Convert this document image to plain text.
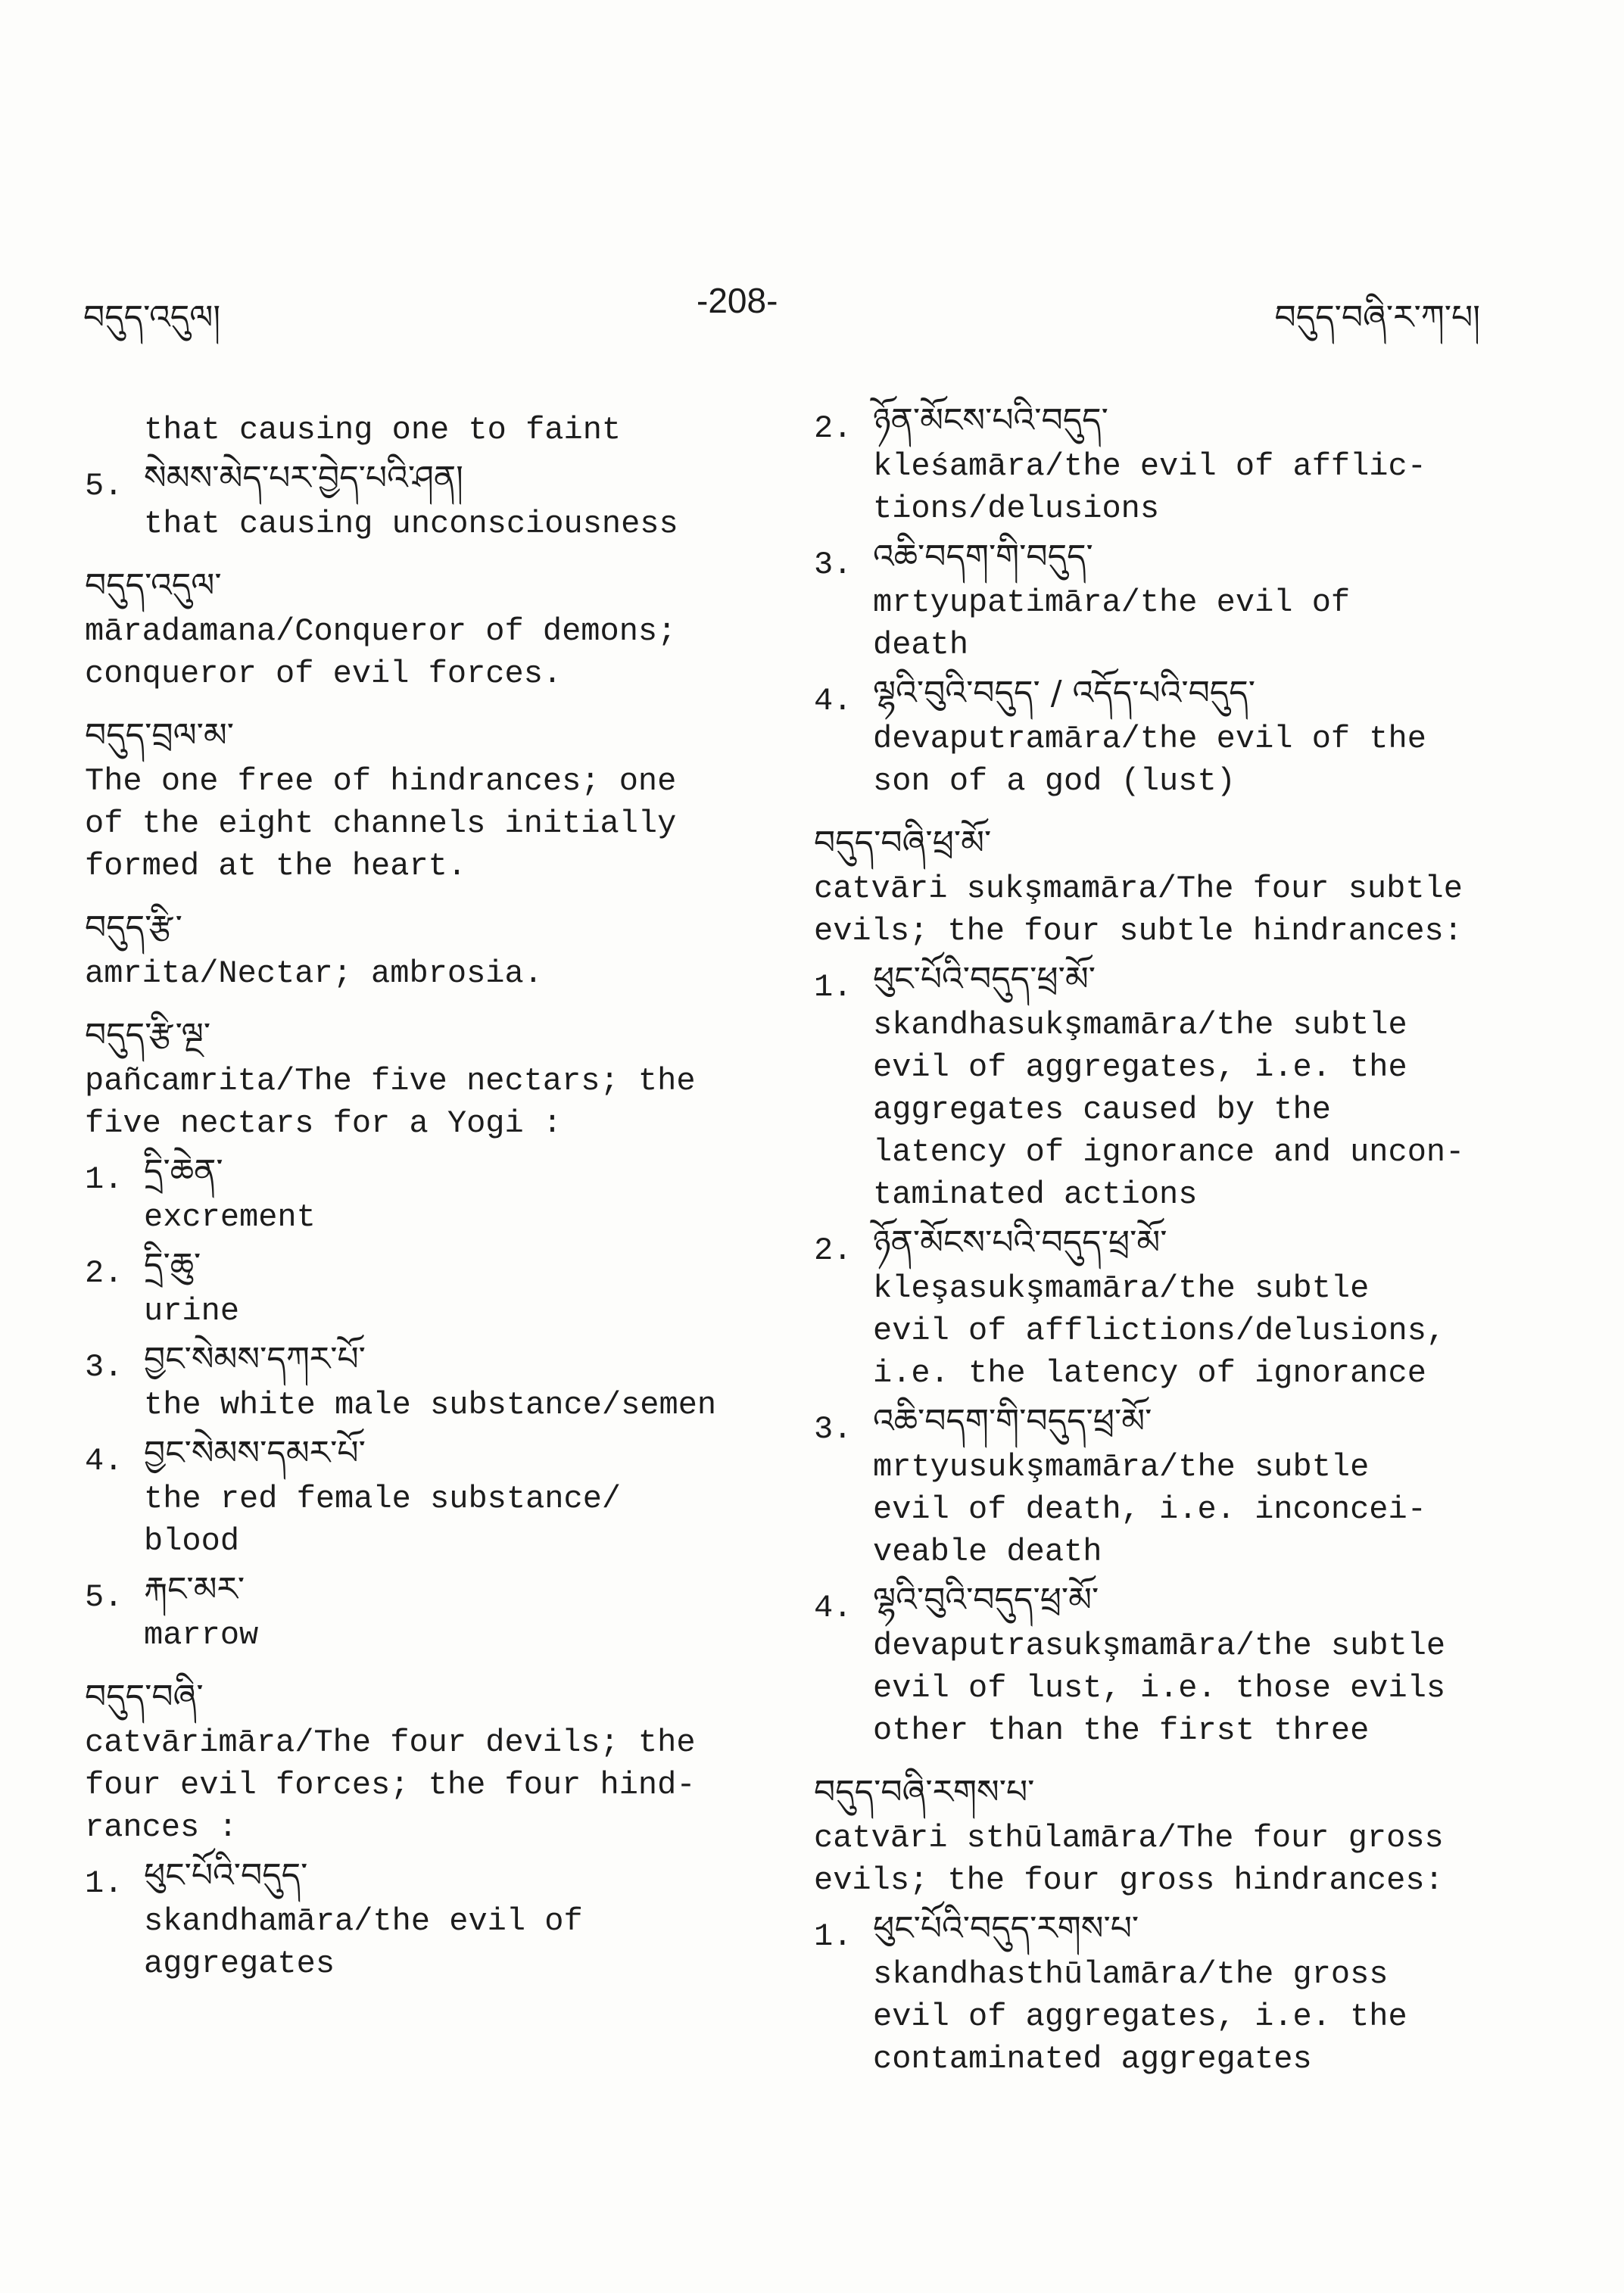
བདུད་འདུལ།	-208-	བདུད་བཞི་ར་ཀ་པ།
that causing one to faint
5. སེམས་མེད་པར་བྱེད་པའི་ཤན།
that causing unconsciousness
བདུད་འདུལ་
māradamana/Conqueror of demons;
conqueror of evil forces.
བདུད་བྲལ་མ་
The one free of hindrances; one
of the eight channels initially
formed at the heart.
བདུད་རྩི་
amrita/Nectar; ambrosia.
བདུད་རྩི་ལྔ་
pañcamrita/The five nectars; the
five nectars for a Yogi :
1. དྲི་ཆེན་
excrement
2. དྲི་ཆུ་
urine
3. བྱང་སེམས་དཀར་པོ་
the white male substance/semen
4. བྱང་སེམས་དམར་པོ་
the red female substance/
blood
5. རྐང་མར་
marrow
བདུད་བཞི་
catvārimāra/The four devils; the
four evil forces; the four hind-
rances :
1. ཕུང་པོའི་བདུད་
skandhamāra/the evil of
aggregates
2. ཉོན་མོངས་པའི་བདུད་
kleśamāra/the evil of afflic-
tions/delusions
3. འཆི་བདག་གི་བདུད་
mrtyupatimāra/the evil of
death
4. ལྷའི་བུའི་བདུད་ / འདོད་པའི་བདུད་
devaputramāra/the evil of the
son of a god (lust)
བདུད་བཞི་ཕྲ་མོ་
catvāri sukşmamāra/The four subtle
evils; the four subtle hindrances:
1. ཕུང་པོའི་བདུད་ཕྲ་མོ་
skandhasukşmamāra/the subtle
evil of aggregates, i.e. the
aggregates caused by the
latency of ignorance and uncon-
taminated actions
2. ཉོན་མོངས་པའི་བདུད་ཕྲ་མོ་
kleşasukşmamāra/the subtle
evil of afflictions/delusions,
i.e. the latency of ignorance
3. འཆི་བདག་གི་བདུད་ཕྲ་མོ་
mrtyusukşmamāra/the subtle
evil of death, i.e. inconcei-
veable death
4. ལྷའི་བུའི་བདུད་ཕྲ་མོ་
devaputrasukşmamāra/the subtle
evil of lust, i.e. those evils
other than the first three
བདུད་བཞི་རགས་པ་
catvāri sthūlamāra/The four gross
evils; the four gross hindrances:
1. ཕུང་པོའི་བདུད་རགས་པ་
skandhasthūlamāra/the gross
evil of aggregates, i.e. the
contaminated aggregates
